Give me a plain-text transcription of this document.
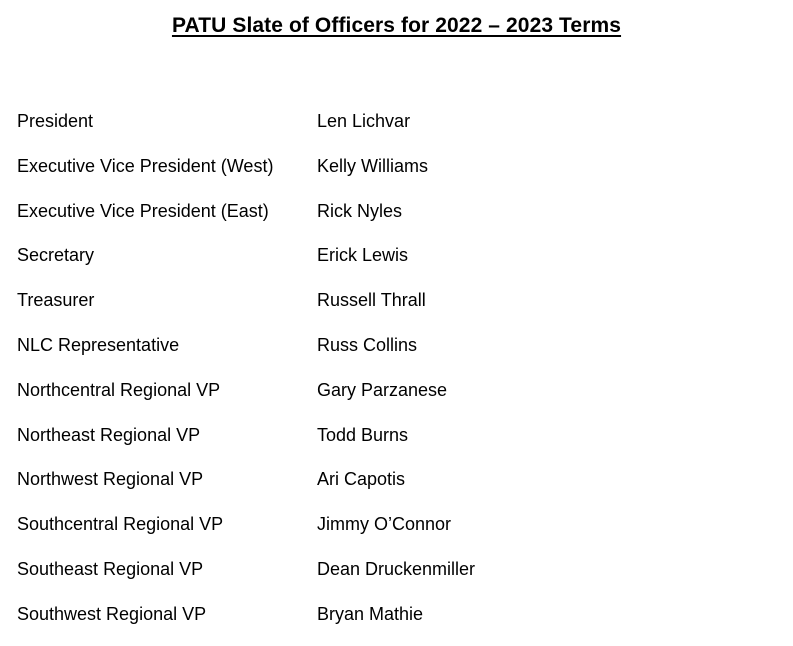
PATU Slate of Officers for 2022 – 2023 Terms
President	Len Lichvar
Executive Vice President (West)	Kelly Williams
Executive Vice President (East)	Rick Nyles
Secretary	Erick Lewis
Treasurer	Russell Thrall
NLC Representative	Russ Collins
Northcentral Regional VP	Gary Parzanese
Northeast Regional VP	Todd Burns
Northwest Regional VP	Ari Capotis
Southcentral Regional VP	Jimmy O’Connor
Southeast Regional VP	Dean Druckenmiller
Southwest Regional VP	Bryan Mathie
